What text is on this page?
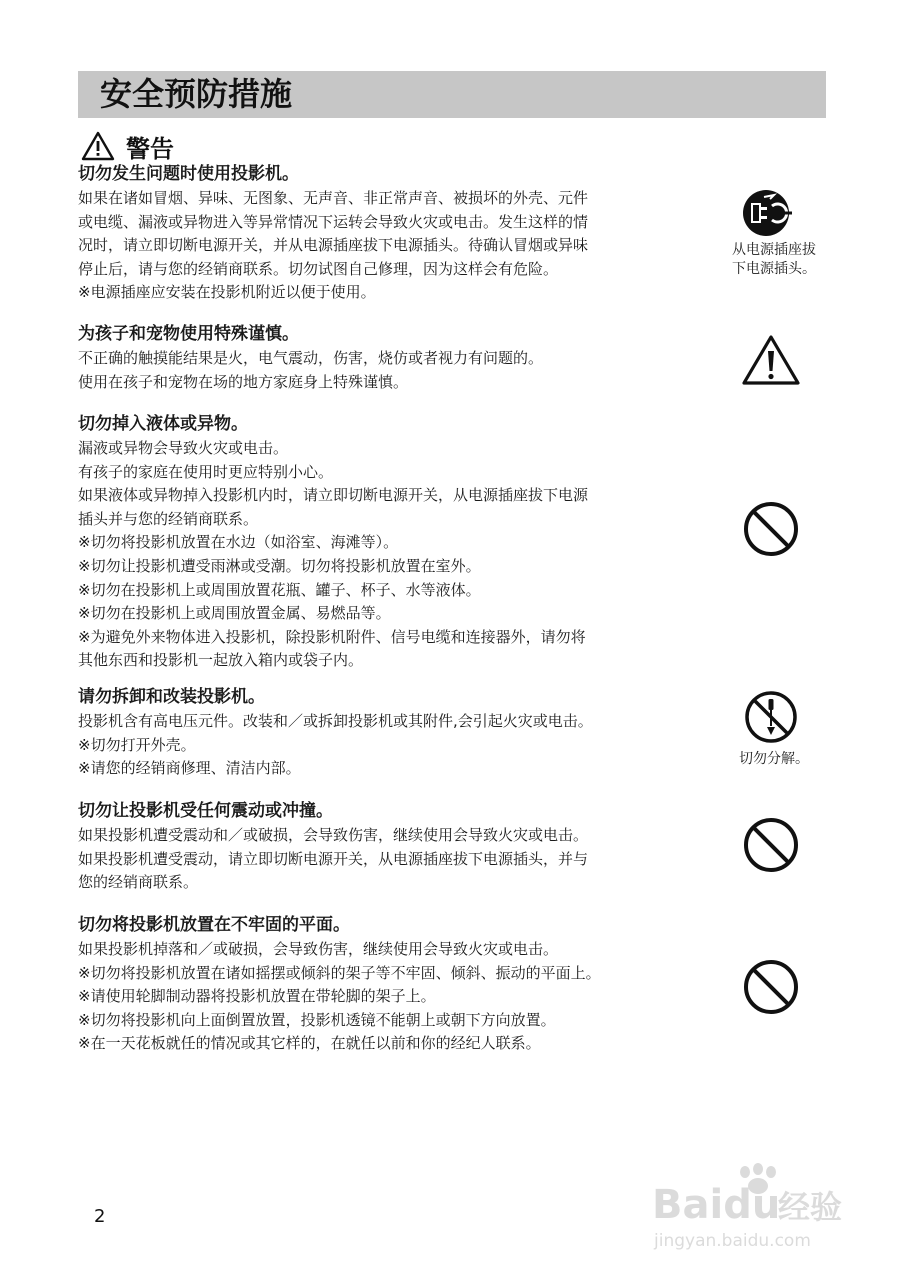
安全预防措施
警告
切勿发生问题时使用投影机。
如果在诸如冒烟、异味、无图象、无声音、非正常声音、被损坏的外壳、元件
或电缆、漏液或异物进入等异常情况下运转会导致火灾或电击。发生这样的情
况时，请立即切断电源开关，并从电源插座拔下电源插头。待确认冒烟或异味
停止后，请与您的经销商联系。切勿试图自己修理，因为这样会有危险。
※电源插座应安装在投影机附近以便于使用。
从电源插座拔
下电源插头。
为孩子和宠物使用特殊谨慎。
不正确的触摸能结果是火，电气震动，伤害，烧仿或者视力有问题的。
使用在孩子和宠物在场的地方家庭身上特殊谨慎。
切勿掉入液体或异物。
漏液或异物会导致火灾或电击。
有孩子的家庭在使用时更应特别小心。
如果液体或异物掉入投影机内时，请立即切断电源开关，从电源插座拔下电源
插头并与您的经销商联系。
※切勿将投影机放置在水边（如浴室、海滩等）。
※切勿让投影机遭受雨淋或受潮。切勿将投影机放置在室外。
※切勿在投影机上或周围放置花瓶、罐子、杯子、水等液体。
※切勿在投影机上或周围放置金属、易燃品等。
※为避免外来物体进入投影机，除投影机附件、信号电缆和连接器外，请勿将
其他东西和投影机一起放入箱内或袋子内。
请勿拆卸和改装投影机。
投影机含有高电压元件。改装和／或拆卸投影机或其附件,会引起火灾或电击。
※切勿打开外壳。
※请您的经销商修理、清洁内部。
切勿分解。
切勿让投影机受任何震动或冲撞。
如果投影机遭受震动和／或破损，会导致伤害，继续使用会导致火灾或电击。
如果投影机遭受震动，请立即切断电源开关，从电源插座拔下电源插头，并与
您的经销商联系。
切勿将投影机放置在不牢固的平面。
如果投影机掉落和／或破损，会导致伤害，继续使用会导致火灾或电击。
※切勿将投影机放置在诸如摇摆或倾斜的架子等不牢固、倾斜、振动的平面上。
※请使用轮脚制动器将投影机放置在带轮脚的架子上。
※切勿将投影机向上面倒置放置，投影机透镜不能朝上或朝下方向放置。
※在一天花板就任的情况或其它样的，在就任以前和你的经纪人联系。
2	Baidu
经验
jingyan.baidu.com
